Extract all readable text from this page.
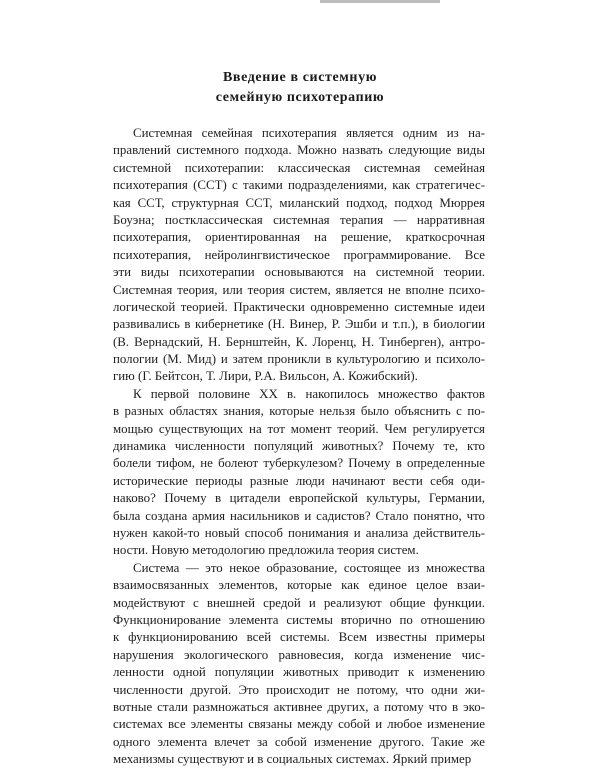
Введение в системную
семейную психотерапию
Системная семейная психотерапия является одним из на-
правлений системного подхода. Можно назвать следующие виды
системной психотерапии: классическая системная семейная
психотерапия (ССТ) с такими подразделениями, как стратегичес-
кая ССТ, структурная ССТ, миланский подход, подход Мюррея
Боуэна; постклассическая системная терапия — нарративная
психотерапия, ориентированная на решение, краткосрочная
психотерапия, нейролингвистическое программирование. Все
эти виды психотерапии основываются на системной теории.
Системная теория, или теория систем, является не вполне психо-
логической теорией. Практически одновременно системные идеи
развивались в кибернетике (Н. Винер, Р. Эшби и т.п.), в биологии
(В. Вернадский, Н. Бернштейн, К. Лоренц, Н. Тинберген), антро-
пологии (М. Мид) и затем проникли в культурологию и психоло-
гию (Г. Бейтсон, Т. Лири, Р.А. Вильсон, А. Кожибский).
К первой половине XX в. накопилось множество фактов
в разных областях знания, которые нельзя было объяснить с по-
мощью существующих на тот момент теорий. Чем регулируется
динамика численности популяций животных? Почему те, кто
болели тифом, не болеют туберкулезом? Почему в определенные
исторические периоды разные люди начинают вести себя оди-
наково? Почему в цитадели европейской культуры, Германии,
была создана армия насильников и садистов? Стало понятно, что
нужен какой-то новый способ понимания и анализа действитель-
ности. Новую методологию предложила теория систем.
Система — это некое образование, состоящее из множества
взаимосвязанных элементов, которые как единое целое взаи-
модействуют с внешней средой и реализуют общие функции.
Функционирование элемента системы вторично по отношению
к функционированию всей системы. Всем известны примеры
нарушения экологического равновесия, когда изменение чис-
ленности одной популяции животных приводит к изменению
численности другой. Это происходит не потому, что одни жи-
вотные стали размножаться активнее других, а потому что в эко-
системах все элементы связаны между собой и любое изменение
одного элемента влечет за собой изменение другого. Такие же
механизмы существуют и в социальных системах. Яркий пример
